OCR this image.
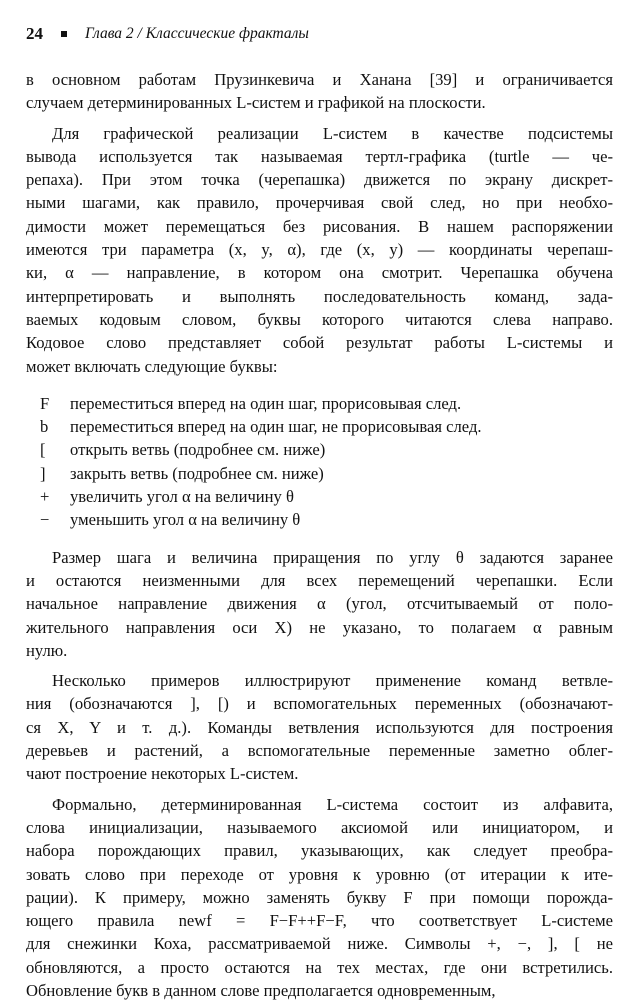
24	Глава 2 / Классические фракталы
в основном работам Прузинкевича и Ханана [39] и ограничивается
случаем детерминированных L-систем и графикой на плоскости.
Для графической реализации L-систем в качестве подсистемы
вывода используется так называемая тертл-графика (turtle — че-
репаха). При этом точка (черепашка) движется по экрану дискрет-
ными шагами, как правило, прочерчивая свой след, но при необхо-
димости может перемещаться без рисования. В нашем распоряжении
имеются три параметра (x, y, α), где (x, y) — координаты черепаш-
ки, α — направление, в котором она смотрит. Черепашка обучена
интерпретировать и выполнять последовательность команд, зада-
ваемых кодовым словом, буквы которого читаются слева направо.
Кодовое слово представляет собой результат работы L-системы и
может включать следующие буквы:
F	переместиться вперед на один шаг, прорисовывая след.
b	переместиться вперед на один шаг, не прорисовывая след.
[	открыть ветвь (подробнее см. ниже)
]	закрыть ветвь (подробнее см. ниже)
+	увеличить угол α на величину θ
−	уменьшить угол α на величину θ
Размер шага и величина приращения по углу θ задаются заранее
и остаются неизменными для всех перемещений черепашки. Если
начальное направление движения α (угол, отсчитываемый от поло-
жительного направления оси X) не указано, то полагаем α равным
нулю.
Несколько примеров иллюстрируют применение команд ветвле-
ния (обозначаются ], [) и вспомогательных переменных (обозначают-
ся X, Y и т. д.). Команды ветвления используются для построения
деревьев и растений, а вспомогательные переменные заметно облег-
чают построение некоторых L-систем.
Формально, детерминированная L-система состоит из алфавита,
слова инициализации, называемого аксиомой или инициатором, и
набора порождающих правил, указывающих, как следует преобра-
зовать слово при переходе от уровня к уровню (от итерации к ите-
рации). К примеру, можно заменять букву F при помощи порожда-
ющего правила newf = F−F++F−F, что соответствует L-системе
для снежинки Коха, рассматриваемой ниже. Символы +, −, ], [ не
обновляются, а просто остаются на тех местах, где они встретились.
Обновление букв в данном слове предполагается одновременным,
